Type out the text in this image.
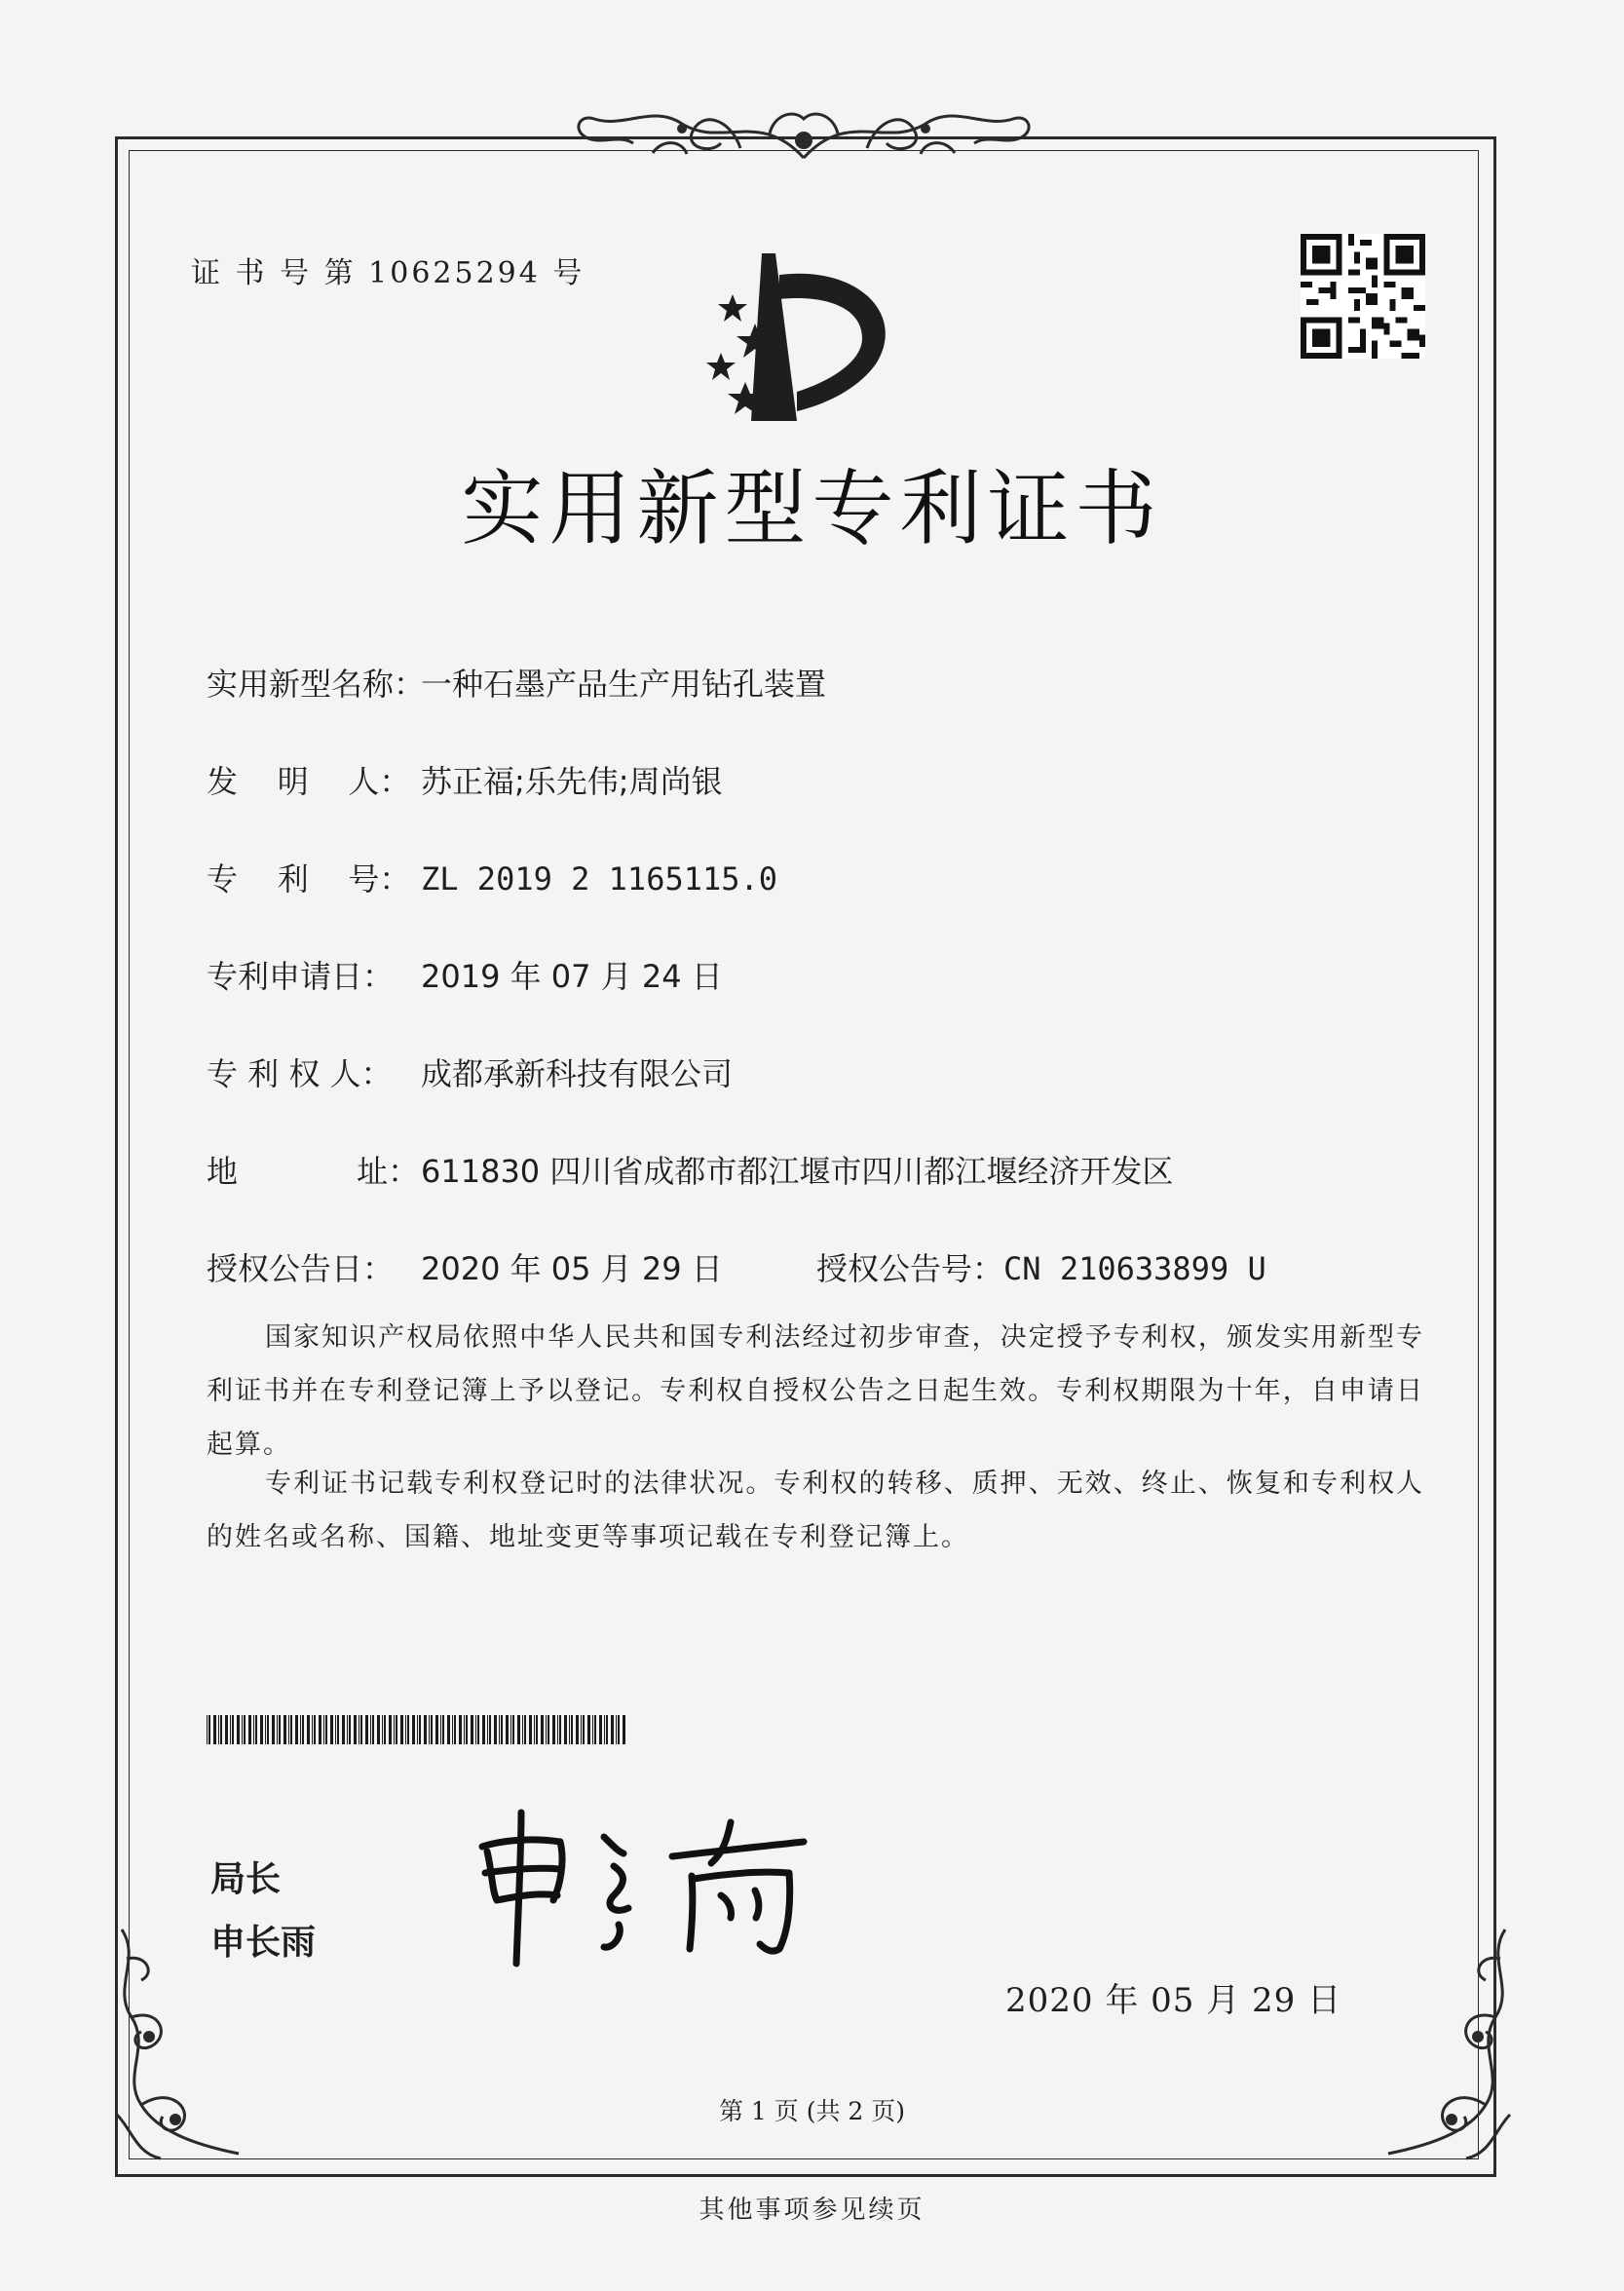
证 书 号 第 10625294 号
实用新型专利证书
实用新型名称：一种石墨产品生产用钻孔装置
发    明    人： 苏正福;乐先伟;周尚银
专    利    号： ZL 2019 2 1165115.0
专利申请日： 2019 年 07 月 24 日
专 利 权 人： 成都承新科技有限公司
地            址：611830 四川省成都市都江堰市四川都江堰经济开发区
授权公告日： 2020 年 05 月 29 日	授权公告号：CN 210633899 U
国家知识产权局依照中华人民共和国专利法经过初步审查，决定授予专利权，颁发实用新型专利证书并在专利登记簿上予以登记。专利权自授权公告之日起生效。专利权期限为十年，自申请日起算。
专利证书记载专利权登记时的法律状况。专利权的转移、质押、无效、终止、恢复和专利权人的姓名或名称、国籍、地址变更等事项记载在专利登记簿上。
局长
申长雨
2020 年 05 月 29 日
第 1 页 (共 2 页)
其他事项参见续页
